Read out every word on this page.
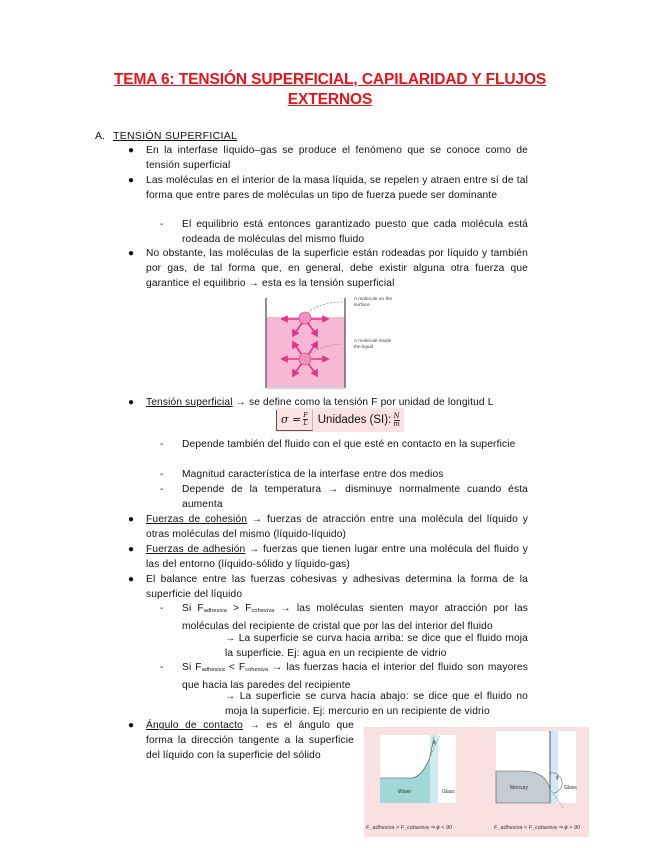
TEMA 6: TENSIÓN SUPERFICIAL, CAPILARIDAD Y FLUJOS
EXTERNOS
A. TENSIÓN SUPERFICIAL
● En la interfase líquido–gas se produce el fenómeno que se conoce como de tensión superficial
● Las moléculas en el interior de la masa líquida, se repelen y atraen entre sí de tal forma que entre pares de moléculas un tipo de fuerza puede ser dominante
- El equilibrio está entonces garantizado puesto que cada molécula está rodeada de moléculas del mismo fluido
● No obstante, las moléculas de la superficie están rodeadas por líquido y también por gas, de tal forma que, en general, debe existir alguna otra fuerza que garantice el equilibrio → esta es la tensión superficial
A molecule on the surface
A molecule inside the liquid
● Tensión superficial → se define como la tensión F por unidad de longitud L
$\sigma = \frac{F}{L}$ Unidades (SI): $\frac{N}{m}$
- Depende también del fluido con el que esté en contacto en la superficie
- Magnitud característica de la interfase entre dos medios
- Depende de la temperatura → disminuye normalmente cuando ésta aumenta
● Fuerzas de cohesión → fuerzas de atracción entre una molécula del líquido y otras moléculas del mismo (líquido-líquido)
● Fuerzas de adhesión → fuerzas que tienen lugar entre una molécula del fluido y las del entorno (líquido-sólido y líquido-gas)
● El balance entre las fuerzas cohesivas y adhesivas determina la forma de la superficie del líquido
- Si $F_{adhesiva} > F_{cohesiva}$ → las moléculas sienten mayor atracción por las moléculas del recipiente de cristal que por las del interior del fluido
→ La superficie se curva hacia arriba: se dice que el fluido moja la superficie. Ej: agua en un recipiente de vidrio
- Si $F_{adhesiva} < F_{cohesiva}$ → las fuerzas hacia el interior del fluido son mayores que hacia las paredes del recipiente
→ La superficie se curva hacia abajo: se dice que el fluido no moja la superficie. Ej: mercurio en un recipiente de vidrio
● Ángulo de contacto → es el ángulo que forma la dirección tangente a la superficie del líquido con la superficie del sólido
Water	Glass
ϕ
Mercury	Glass
ϕ
F_adhesiva > F_cohesiva ⇒ ϕ < 90	F_adhesiva < F_cohesiva ⇒ ϕ > 90
